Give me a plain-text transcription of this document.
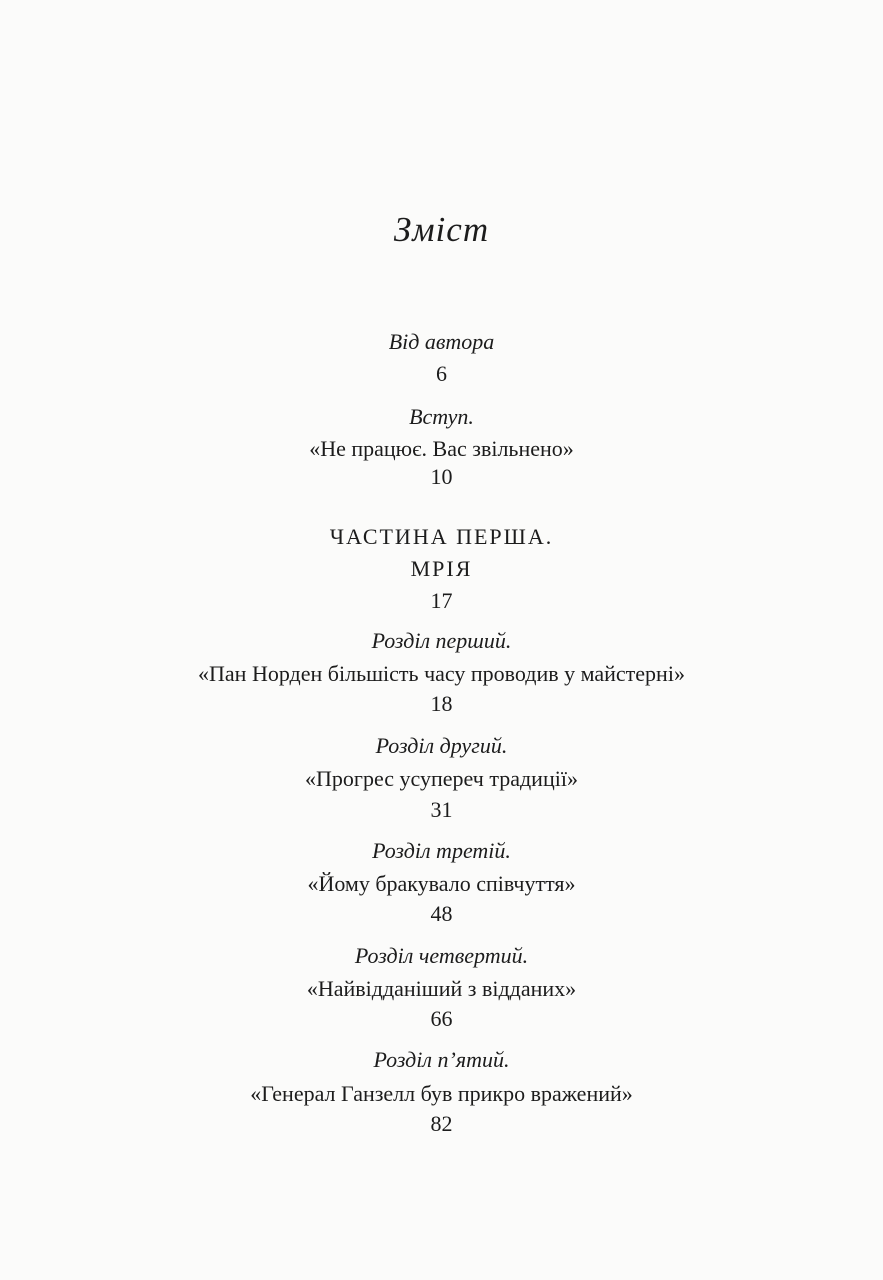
Зміст
Від автора
6
Вступ.
«Не працює. Вас звільнено»
10
ЧАСТИНА ПЕРША.
МРІЯ
17
Розділ перший.
«Пан Норден більшість часу проводив у майстерні»
18
Розділ другий.
«Прогрес усупереч традиції»
31
Розділ третій.
«Йому бракувало співчуття»
48
Розділ четвертий.
«Найвідданіший з відданих»
66
Розділ п’ятий.
«Генерал Ганзелл був прикро вражений»
82
